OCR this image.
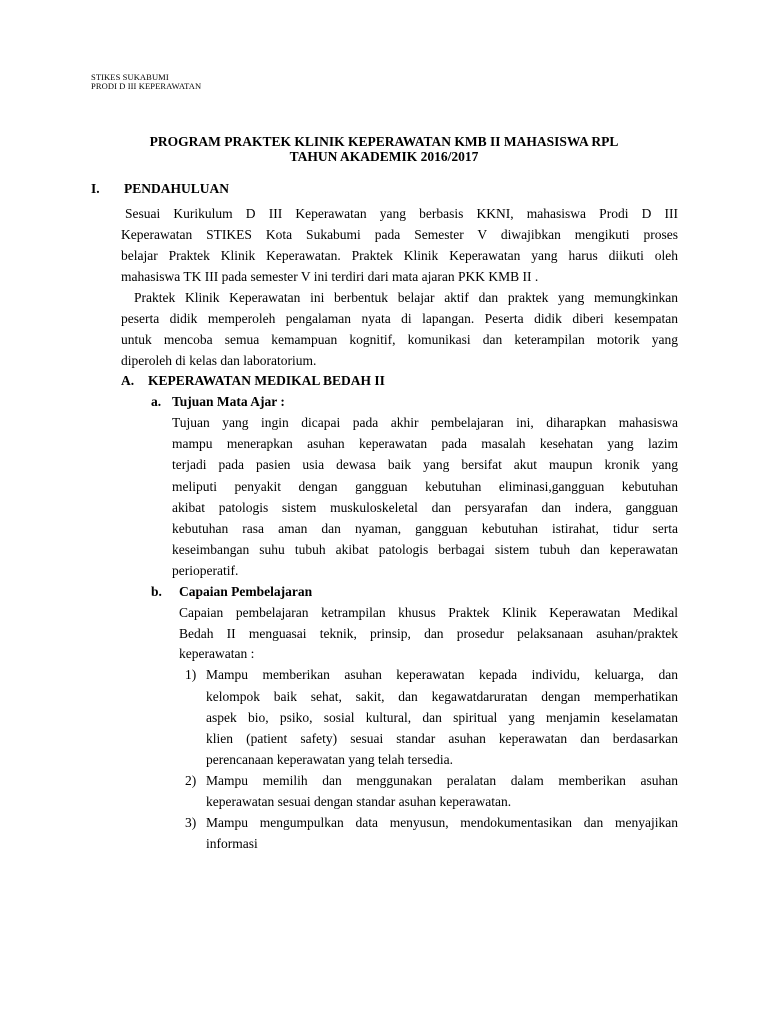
STIKES SUKABUMI
PRODI D III KEPERAWATAN
PROGRAM PRAKTEK KLINIK KEPERAWATAN KMB II MAHASISWA RPL
TAHUN AKADEMIK 2016/2017
I. PENDAHULUAN
Sesuai Kurikulum D III Keperawatan yang berbasis KKNI, mahasiswa Prodi D III
Keperawatan STIKES Kota Sukabumi pada Semester V diwajibkan mengikuti proses
belajar Praktek Klinik Keperawatan. Praktek Klinik Keperawatan yang harus diikuti oleh
mahasiswa TK III pada semester V ini terdiri dari mata ajaran PKK KMB II .
Praktek Klinik Keperawatan ini berbentuk belajar aktif dan praktek yang memungkinkan
peserta didik memperoleh pengalaman nyata di lapangan. Peserta didik diberi kesempatan
untuk mencoba semua kemampuan kognitif, komunikasi dan keterampilan motorik yang
diperoleh di kelas dan laboratorium.
A. KEPERAWATAN MEDIKAL BEDAH II
a. Tujuan Mata Ajar :
Tujuan yang ingin dicapai pada akhir pembelajaran ini, diharapkan mahasiswa
mampu menerapkan asuhan keperawatan pada masalah kesehatan yang lazim
terjadi pada pasien usia dewasa baik yang bersifat akut maupun kronik yang
meliputi penyakit dengan gangguan kebutuhan eliminasi,gangguan kebutuhan
akibat patologis sistem muskuloskeletal dan persyarafan dan indera, gangguan
kebutuhan rasa aman dan nyaman, gangguan kebutuhan istirahat, tidur serta
keseimbangan suhu tubuh akibat patologis berbagai sistem tubuh dan keperawatan
perioperatif.
b. Capaian Pembelajaran
Capaian pembelajaran ketrampilan khusus Praktek Klinik Keperawatan Medikal
Bedah II menguasai teknik, prinsip, dan prosedur pelaksanaan asuhan/praktek
keperawatan :
1) Mampu memberikan asuhan keperawatan kepada individu, keluarga, dan
kelompok baik sehat, sakit, dan kegawatdaruratan dengan memperhatikan
aspek bio, psiko, sosial kultural, dan spiritual yang menjamin keselamatan
klien (patient safety) sesuai standar asuhan keperawatan dan berdasarkan
perencanaan keperawatan yang telah tersedia.
2) Mampu memilih dan menggunakan peralatan dalam memberikan asuhan
keperawatan sesuai dengan standar asuhan keperawatan.
3) Mampu mengumpulkan data menyusun, mendokumentasikan dan menyajikan
informasi
